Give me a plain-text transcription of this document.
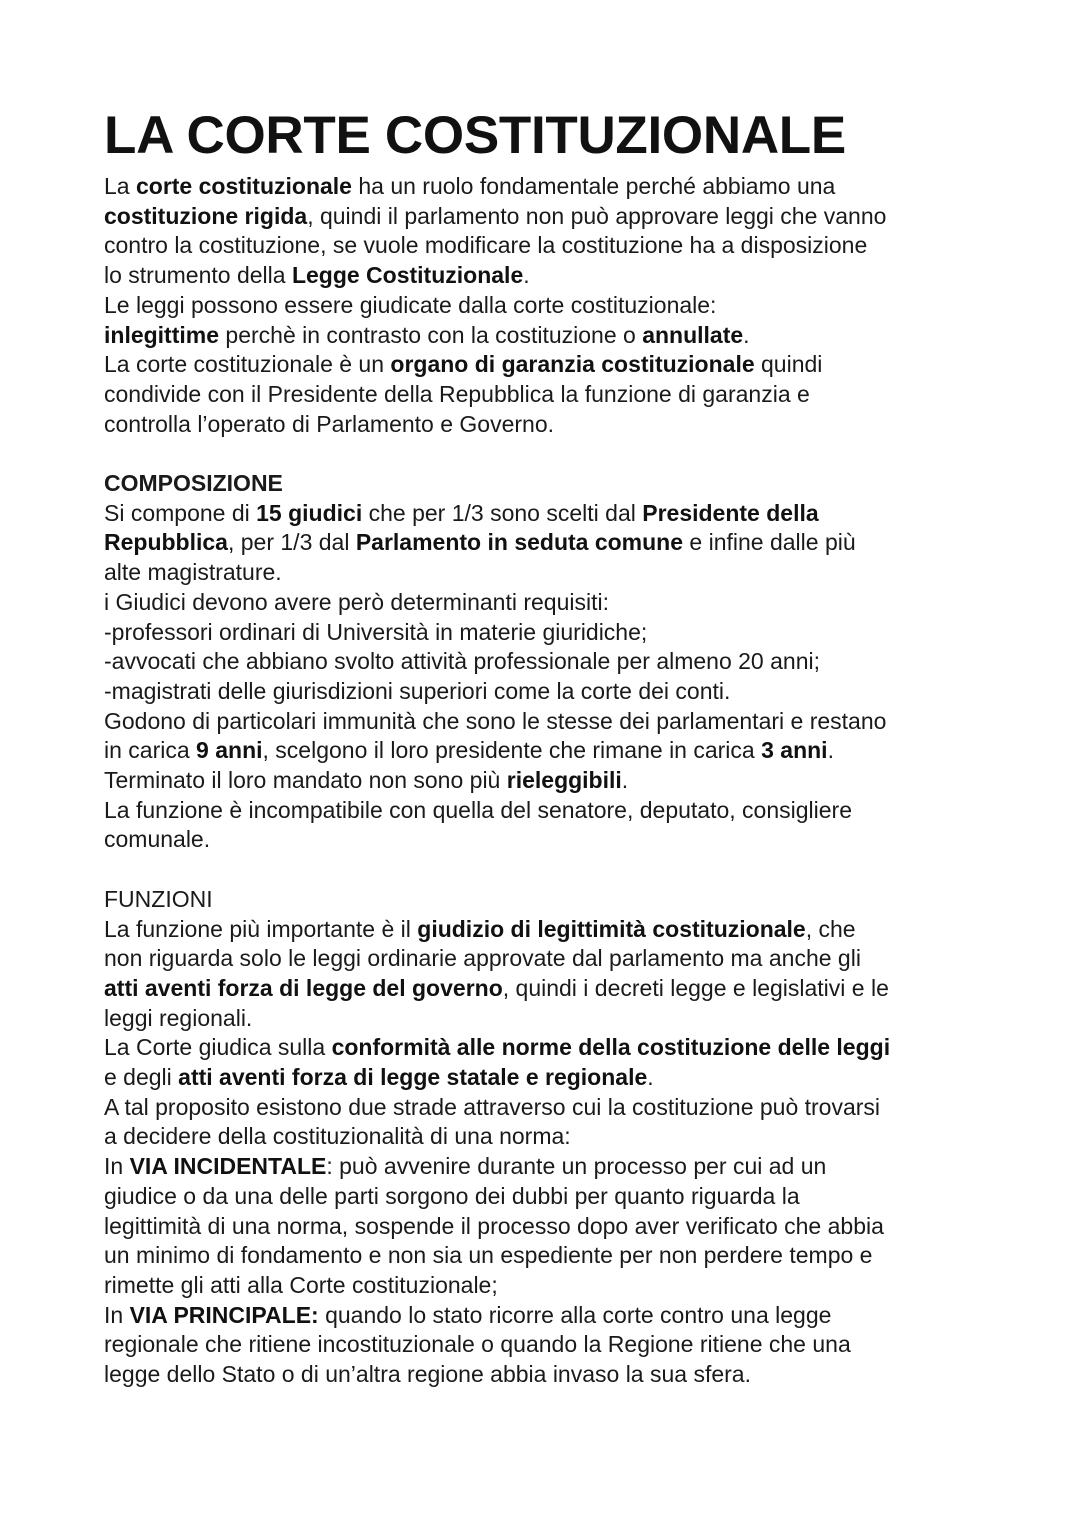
LA CORTE COSTITUZIONALE

La corte costituzionale ha un ruolo fondamentale perché abbiamo una

costituzione rigida, quindi il parlamento non può approvare leggi che vanno

contro la costituzione, se vuole modificare la costituzione ha a disposizione

lo strumento della Legge Costituzionale.

Le leggi possono essere giudicate dalla corte costituzionale:

inlegittime perchè in contrasto con la costituzione o annullate.

La corte costituzionale è un organo di garanzia costituzionale quindi

condivide con il Presidente della Repubblica la funzione di garanzia e

controlla l’operato di Parlamento e Governo.

COMPOSIZIONE

Si compone di 15 giudici che per 1/3 sono scelti dal Presidente della

Repubblica, per 1/3 dal Parlamento in seduta comune e infine dalle più

alte magistrature.

i Giudici devono avere però determinanti requisiti:

-professori ordinari di Università in materie giuridiche;

-avvocati che abbiano svolto attività professionale per almeno 20 anni;

-magistrati delle giurisdizioni superiori come la corte dei conti.

Godono di particolari immunità che sono le stesse dei parlamentari e restano

in carica 9 anni, scelgono il loro presidente che rimane in carica 3 anni.

Terminato il loro mandato non sono più rieleggibili.

La funzione è incompatibile con quella del senatore, deputato, consigliere

comunale.

FUNZIONI

La funzione più importante è il giudizio di legittimità costituzionale, che

non riguarda solo le leggi ordinarie approvate dal parlamento ma anche gli

atti aventi forza di legge del governo, quindi i decreti legge e legislativi e le

leggi regionali.

La Corte giudica sulla conformità alle norme della costituzione delle leggi

e degli atti aventi forza di legge statale e regionale.

A tal proposito esistono due strade attraverso cui la costituzione può trovarsi

a decidere della costituzionalità di una norma:

In VIA INCIDENTALE: può avvenire durante un processo per cui ad un

giudice o da una delle parti sorgono dei dubbi per quanto riguarda la

legittimità di una norma, sospende il processo dopo aver verificato che abbia

un minimo di fondamento e non sia un espediente per non perdere tempo e

rimette gli atti alla Corte costituzionale;

In VIA PRINCIPALE: quando lo stato ricorre alla corte contro una legge

regionale che ritiene incostituzionale o quando la Regione ritiene che una

legge dello Stato o di un’altra regione abbia invaso la sua sfera.
